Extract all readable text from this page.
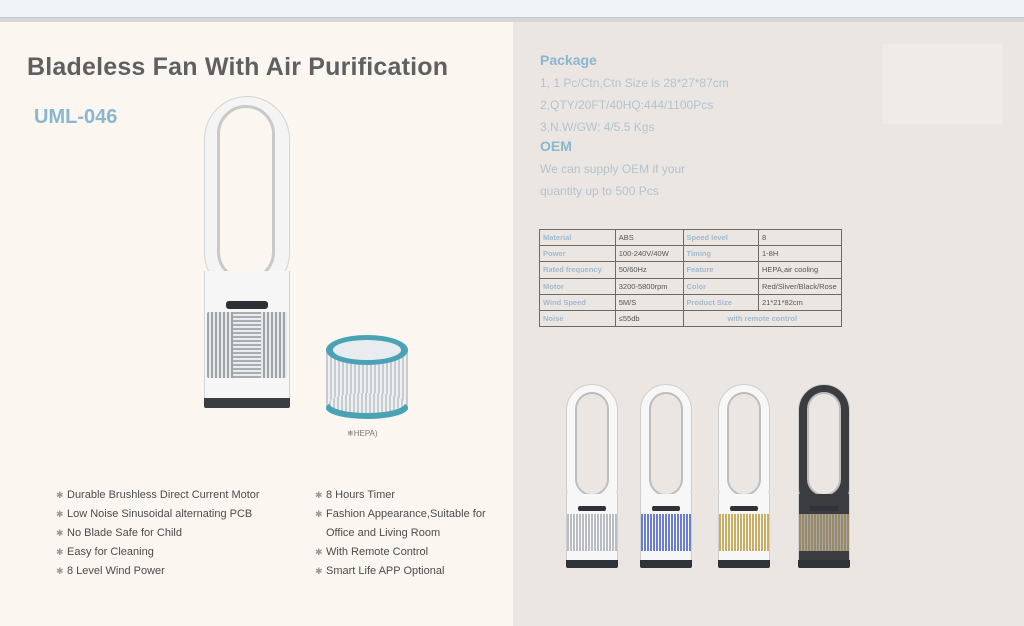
Bladeless Fan With Air Purification
UML-046
❄HEPA)
✱ Durable Brushless Direct Current Motor
✱ Low Noise Sinusoidal alternating PCB
✱ No Blade Safe for Child
✱ Easy for Cleaning
✱ 8 Level Wind Power
✱ 8 Hours Timer
✱ Fashion Appearance,Suitable for
Office and Living Room
✱ With Remote Control
✱ Smart Life APP Optional
Package
1, 1 Pc/Ctn,Ctn Size is 28*27*87cm
2,QTY/20FT/40HQ:444/1100Pcs
3,N.W/GW: 4/5.5 Kgs
OEM
We can supply OEM if your
quantity up to 500 Pcs
Material	ABS	Speed level	8
Power	100-240V/40W	Timing	1-8H
Rated frequency	50/60Hz	Feature	HEPA,air cooling
Motor	3200-5800rpm	Color	Red/Sliver/Black/Rose
Wind Speed	5M/S	Product Size	21*21*82cm
Noise	≤55db	with remote control	
